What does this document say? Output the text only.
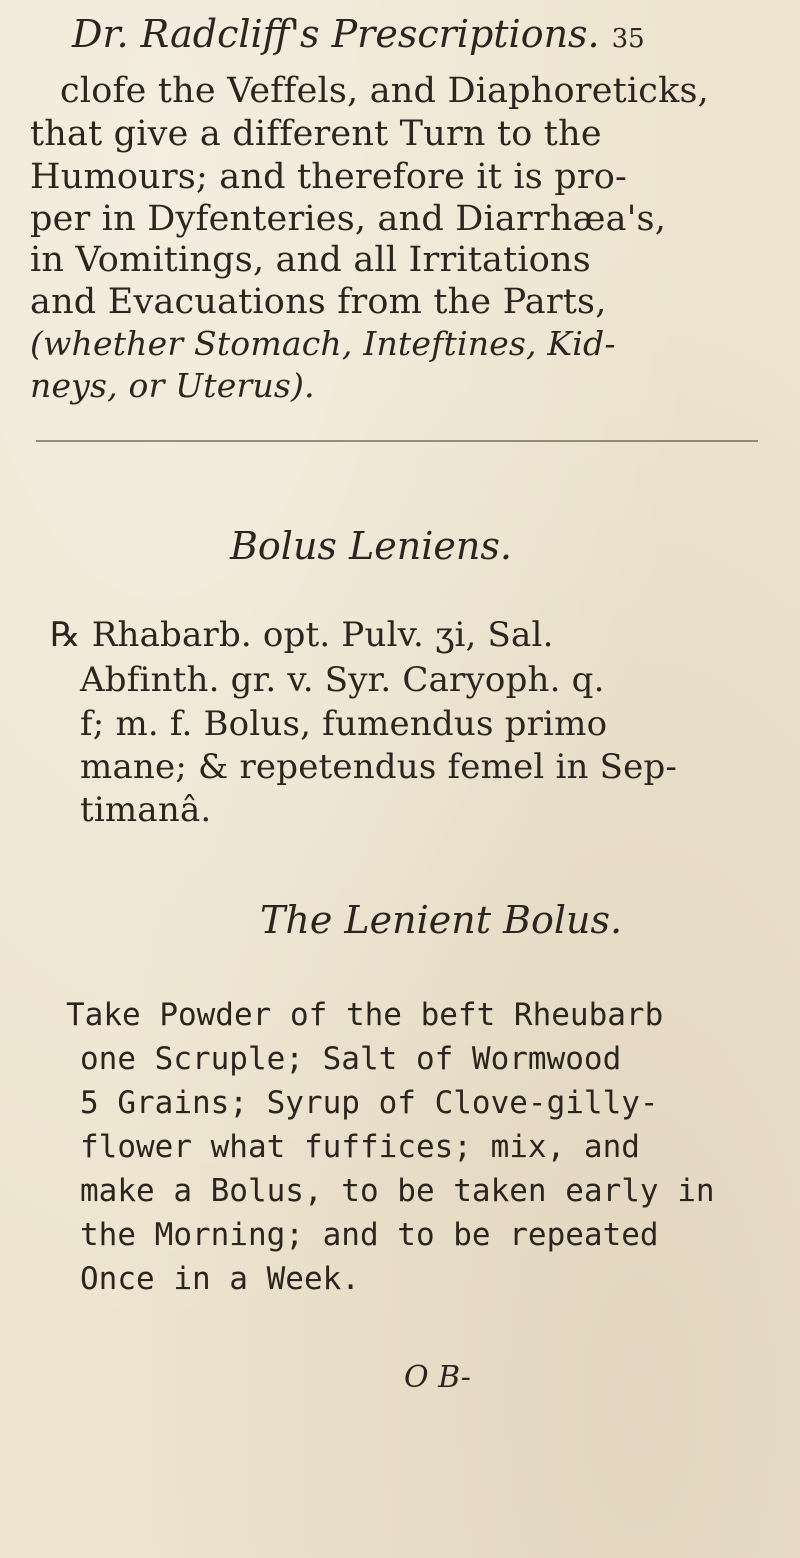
Dr. Radcliff's Prescriptions. 35
clofe the Veffels, and Diaphoreticks,
that give a different Turn to the
Humours; and therefore it is pro-
per in Dyfenteries, and Diarrhæa's,
in Vomitings, and all Irritations
and Evacuations from the Parts,
(whether Stomach, Inteftines, Kid-
neys, or Uterus).
Bolus Leniens.
℞ Rhabarb. opt. Pulv. ʒi, Sal.
Abfinth. gr. v. Syr. Caryoph. q.
f; m. f. Bolus, fumendus primo
mane; & repetendus femel in Sep-
timanâ.
The Lenient Bolus.
Take Powder of the beft Rheubarb
one Scruple; Salt of Wormwood
5 Grains; Syrup of Clove-gilly-
flower what fuffices; mix, and
make a Bolus, to be taken early in
the Morning; and to be repeated
Once in a Week.
O B-
